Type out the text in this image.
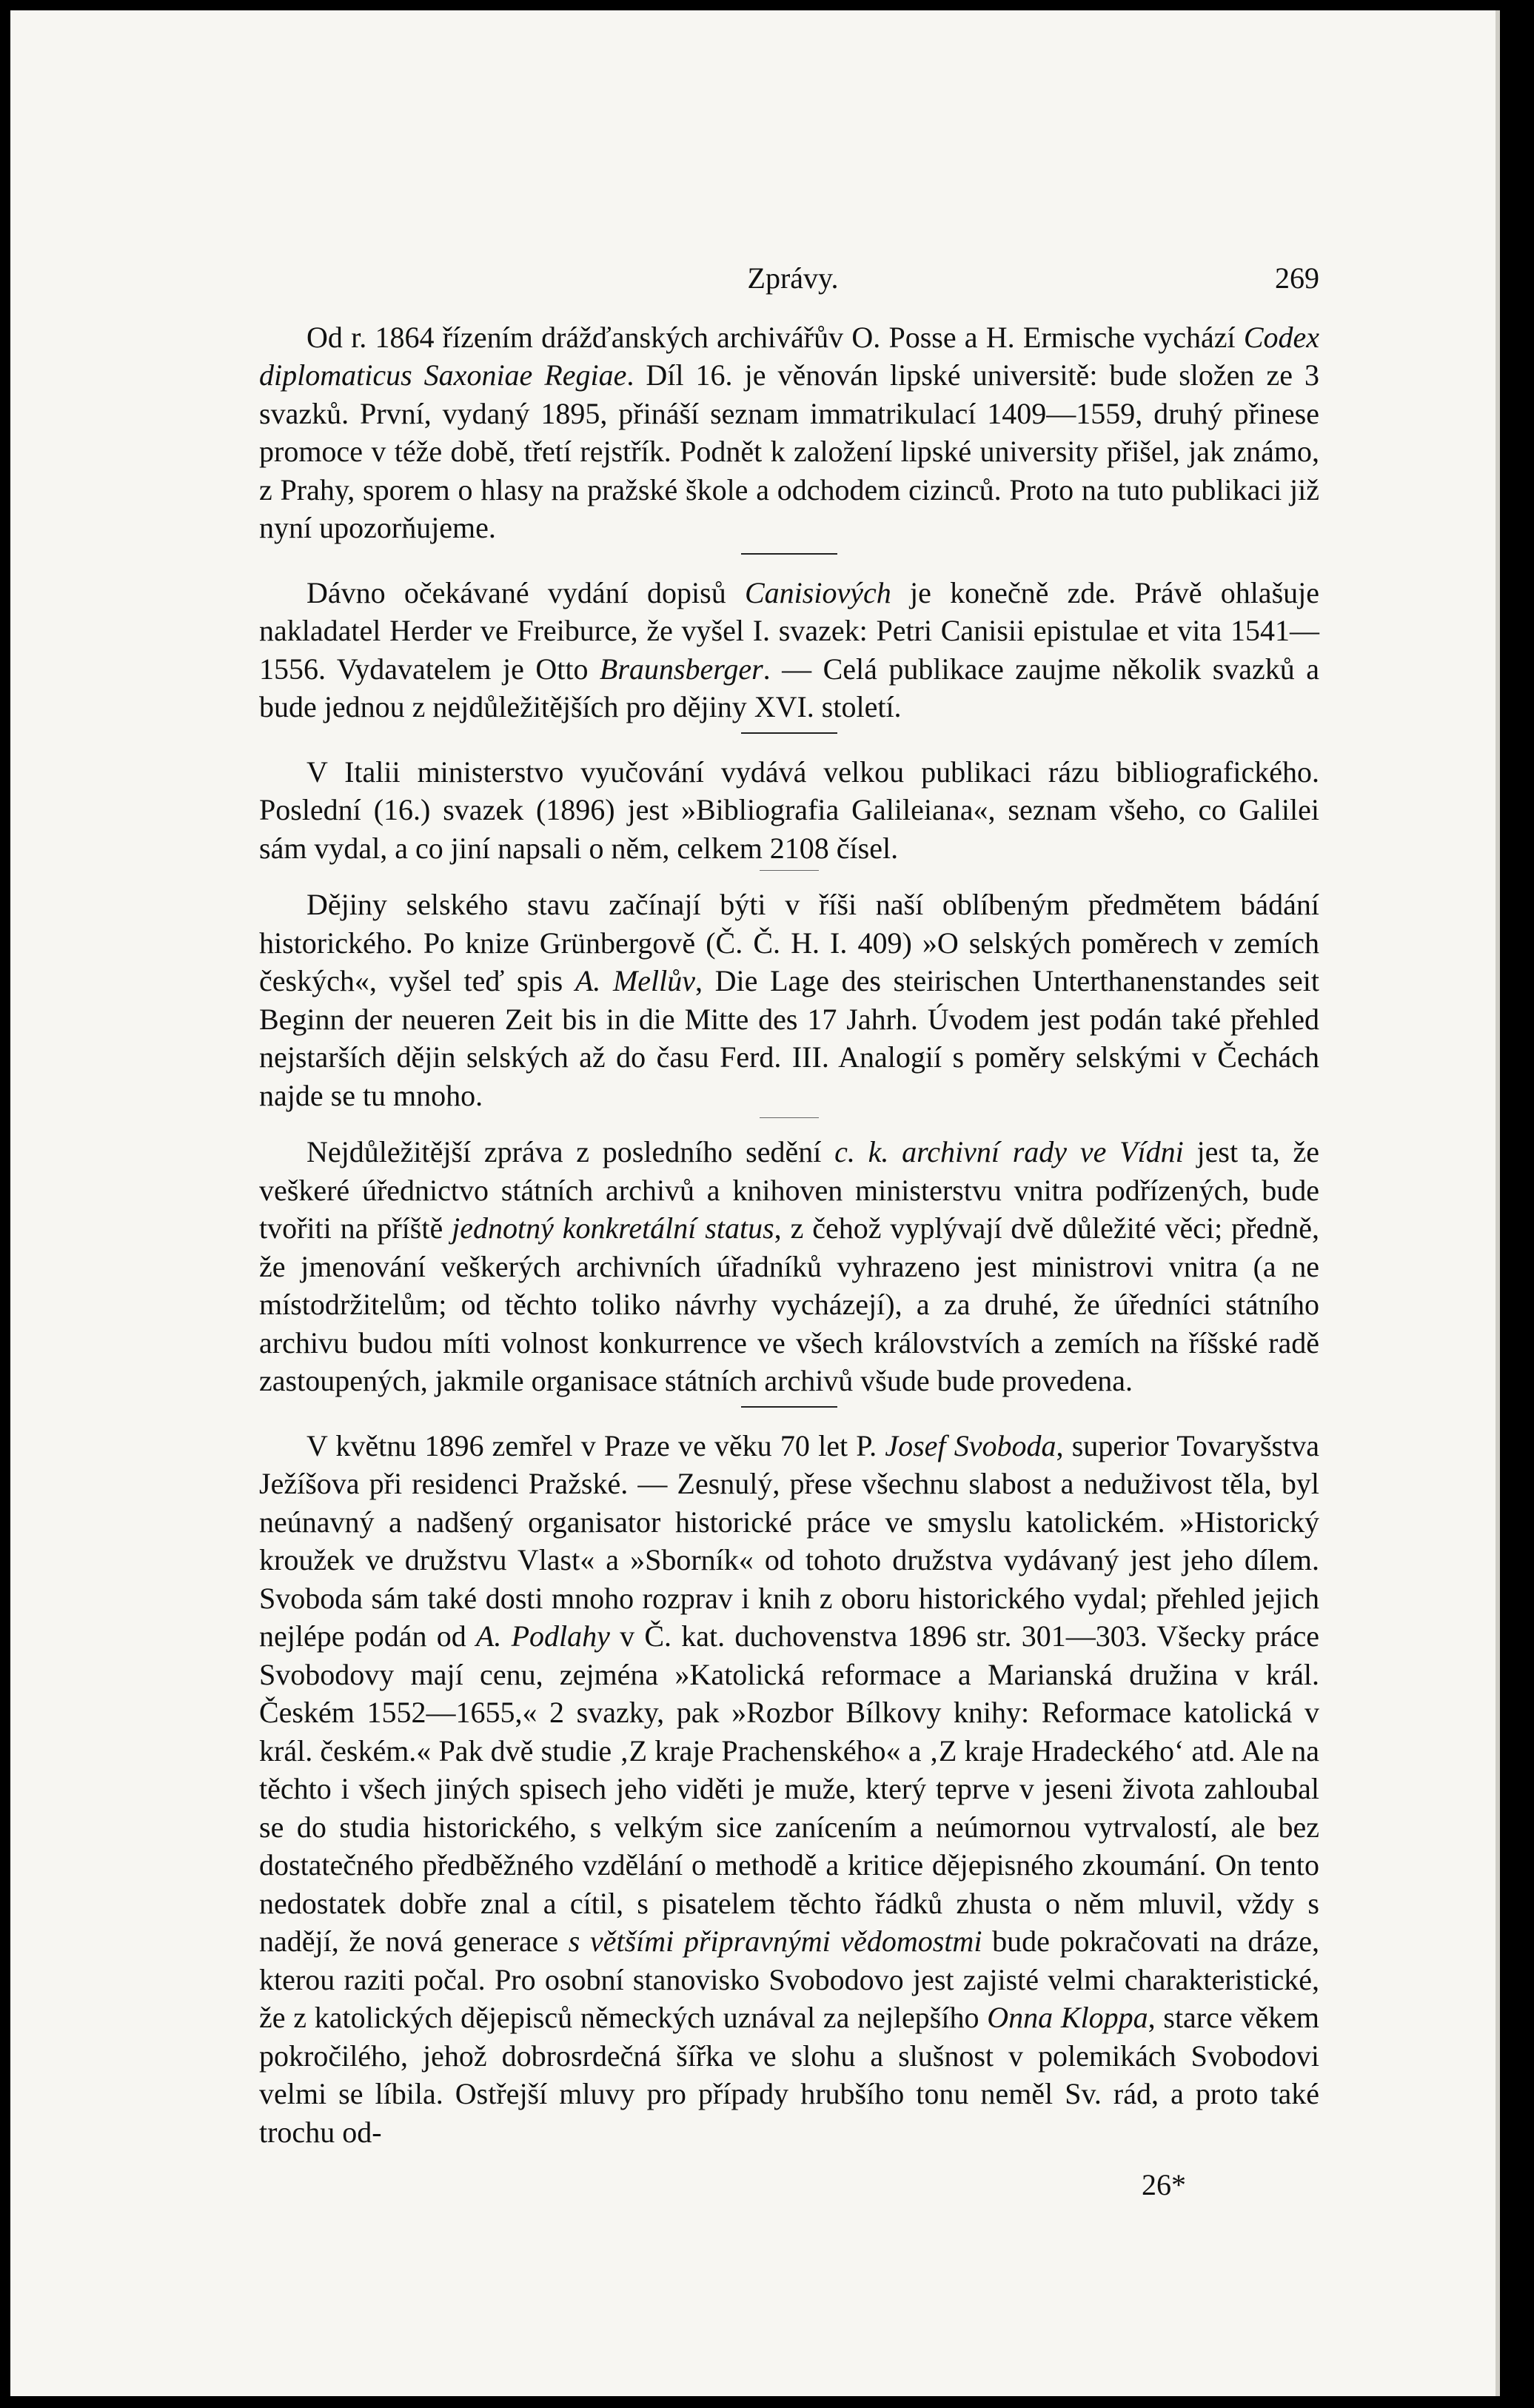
Zprávy.	269

Od r. 1864 řízením drážďanských archivářův O. Posse a H. Ermische vychází Codex diplomaticus Saxoniae Regiae. Díl 16. je věnován lipské universitě: bude složen ze 3 svazků. První, vydaný 1895, přináší seznam immatrikulací 1409—1559, druhý přinese promoce v téže době, třetí rejstřík. Podnět k založení lipské university přišel, jak známo, z Prahy, sporem o hlasy na pražské škole a odchodem cizinců. Proto na tuto publikaci již nyní upozorňujeme.

Dávno očekávané vydání dopisů Canisiových je konečně zde. Právě ohlašuje nakladatel Herder ve Freiburce, že vyšel I. svazek: Petri Canisii epistulae et vita 1541—1556. Vydavatelem je Otto Braunsberger. — Celá publikace zaujme několik svazků a bude jednou z nejdůležitějších pro dějiny XVI. století.

V Italii ministerstvo vyučování vydává velkou publikaci rázu bibliografického. Poslední (16.) svazek (1896) jest »Bibliografia Galileiana«, seznam všeho, co Galilei sám vydal, a co jiní napsali o něm, celkem 2108 čísel.

Dějiny selského stavu začínají býti v říši naší oblíbeným předmětem bádání historického. Po knize Grünbergově (Č. Č. H. I. 409) »O selských poměrech v zemích českých«, vyšel teď spis A. Mellův, Die Lage des steirischen Unterthanenstandes seit Beginn der neueren Zeit bis in die Mitte des 17 Jahrh. Úvodem jest podán také přehled nejstarších dějin selských až do času Ferd. III. Analogií s poměry selskými v Čechách najde se tu mnoho.

Nejdůležitější zpráva z posledního sedění c. k. archivní rady ve Vídni jest ta, že veškeré úřednictvo státních archivů a knihoven ministerstvu vnitra podřízených, bude tvořiti na příště jednotný konkretální status, z čehož vyplývají dvě důležité věci; předně, že jmenování veškerých archivních úřadníků vyhrazeno jest ministrovi vnitra (a ne místodržitelům; od těchto toliko návrhy vycházejí), a za druhé, že úředníci státního archivu budou míti volnost konkurrence ve všech královstvích a zemích na říšské radě zastoupených, jakmile organisace státních archivů všude bude provedena.

V květnu 1896 zemřel v Praze ve věku 70 let P. Josef Svoboda, superior Tovaryšstva Ježíšova při residenci Pražské. — Zesnulý, přese všechnu slabost a neduživost těla, byl neúnavný a nadšený organisator historické práce ve smyslu katolickém. »Historický kroužek ve družstvu Vlast« a »Sborník« od tohoto družstva vydávaný jest jeho dílem. Svoboda sám také dosti mnoho rozprav i knih z oboru historického vydal; přehled jejich nejlépe podán od A. Podlahy v Č. kat. duchovenstva 1896 str. 301—303. Všecky práce Svobodovy mají cenu, zejména »Katolická reformace a Marianská družina v král. Českém 1552—1655,« 2 svazky, pak »Rozbor Bílkovy knihy: Reformace katolická v král. českém.« Pak dvě studie ‚Z kraje Prachenského« a ‚Z kraje Hradeckého‘ atd. Ale na těchto i všech jiných spisech jeho viděti je muže, který teprve v jeseni života zahloubal se do studia historického, s velkým sice zanícením a neúmornou vytrvalostí, ale bez dostatečného předběžného vzdělání o methodě a kritice dějepisného zkoumání. On tento nedostatek dobře znal a cítil, s pisatelem těchto řádků zhusta o něm mluvil, vždy s nadějí, že nová generace s většími připravnými vědomostmi bude pokračovati na dráze, kterou raziti počal. Pro osobní stanovisko Svobodovo jest zajisté velmi charakteristické, že z katolických dějepisců německých uznával za nejlepšího Onna Kloppa, starce věkem pokročilého, jehož dobrosrdečná šířka ve slohu a slušnost v polemikách Svobodovi velmi se líbila. Ostřejší mluvy pro případy hrubšího tonu neměl Sv. rád, a proto také trochu od-

26*
